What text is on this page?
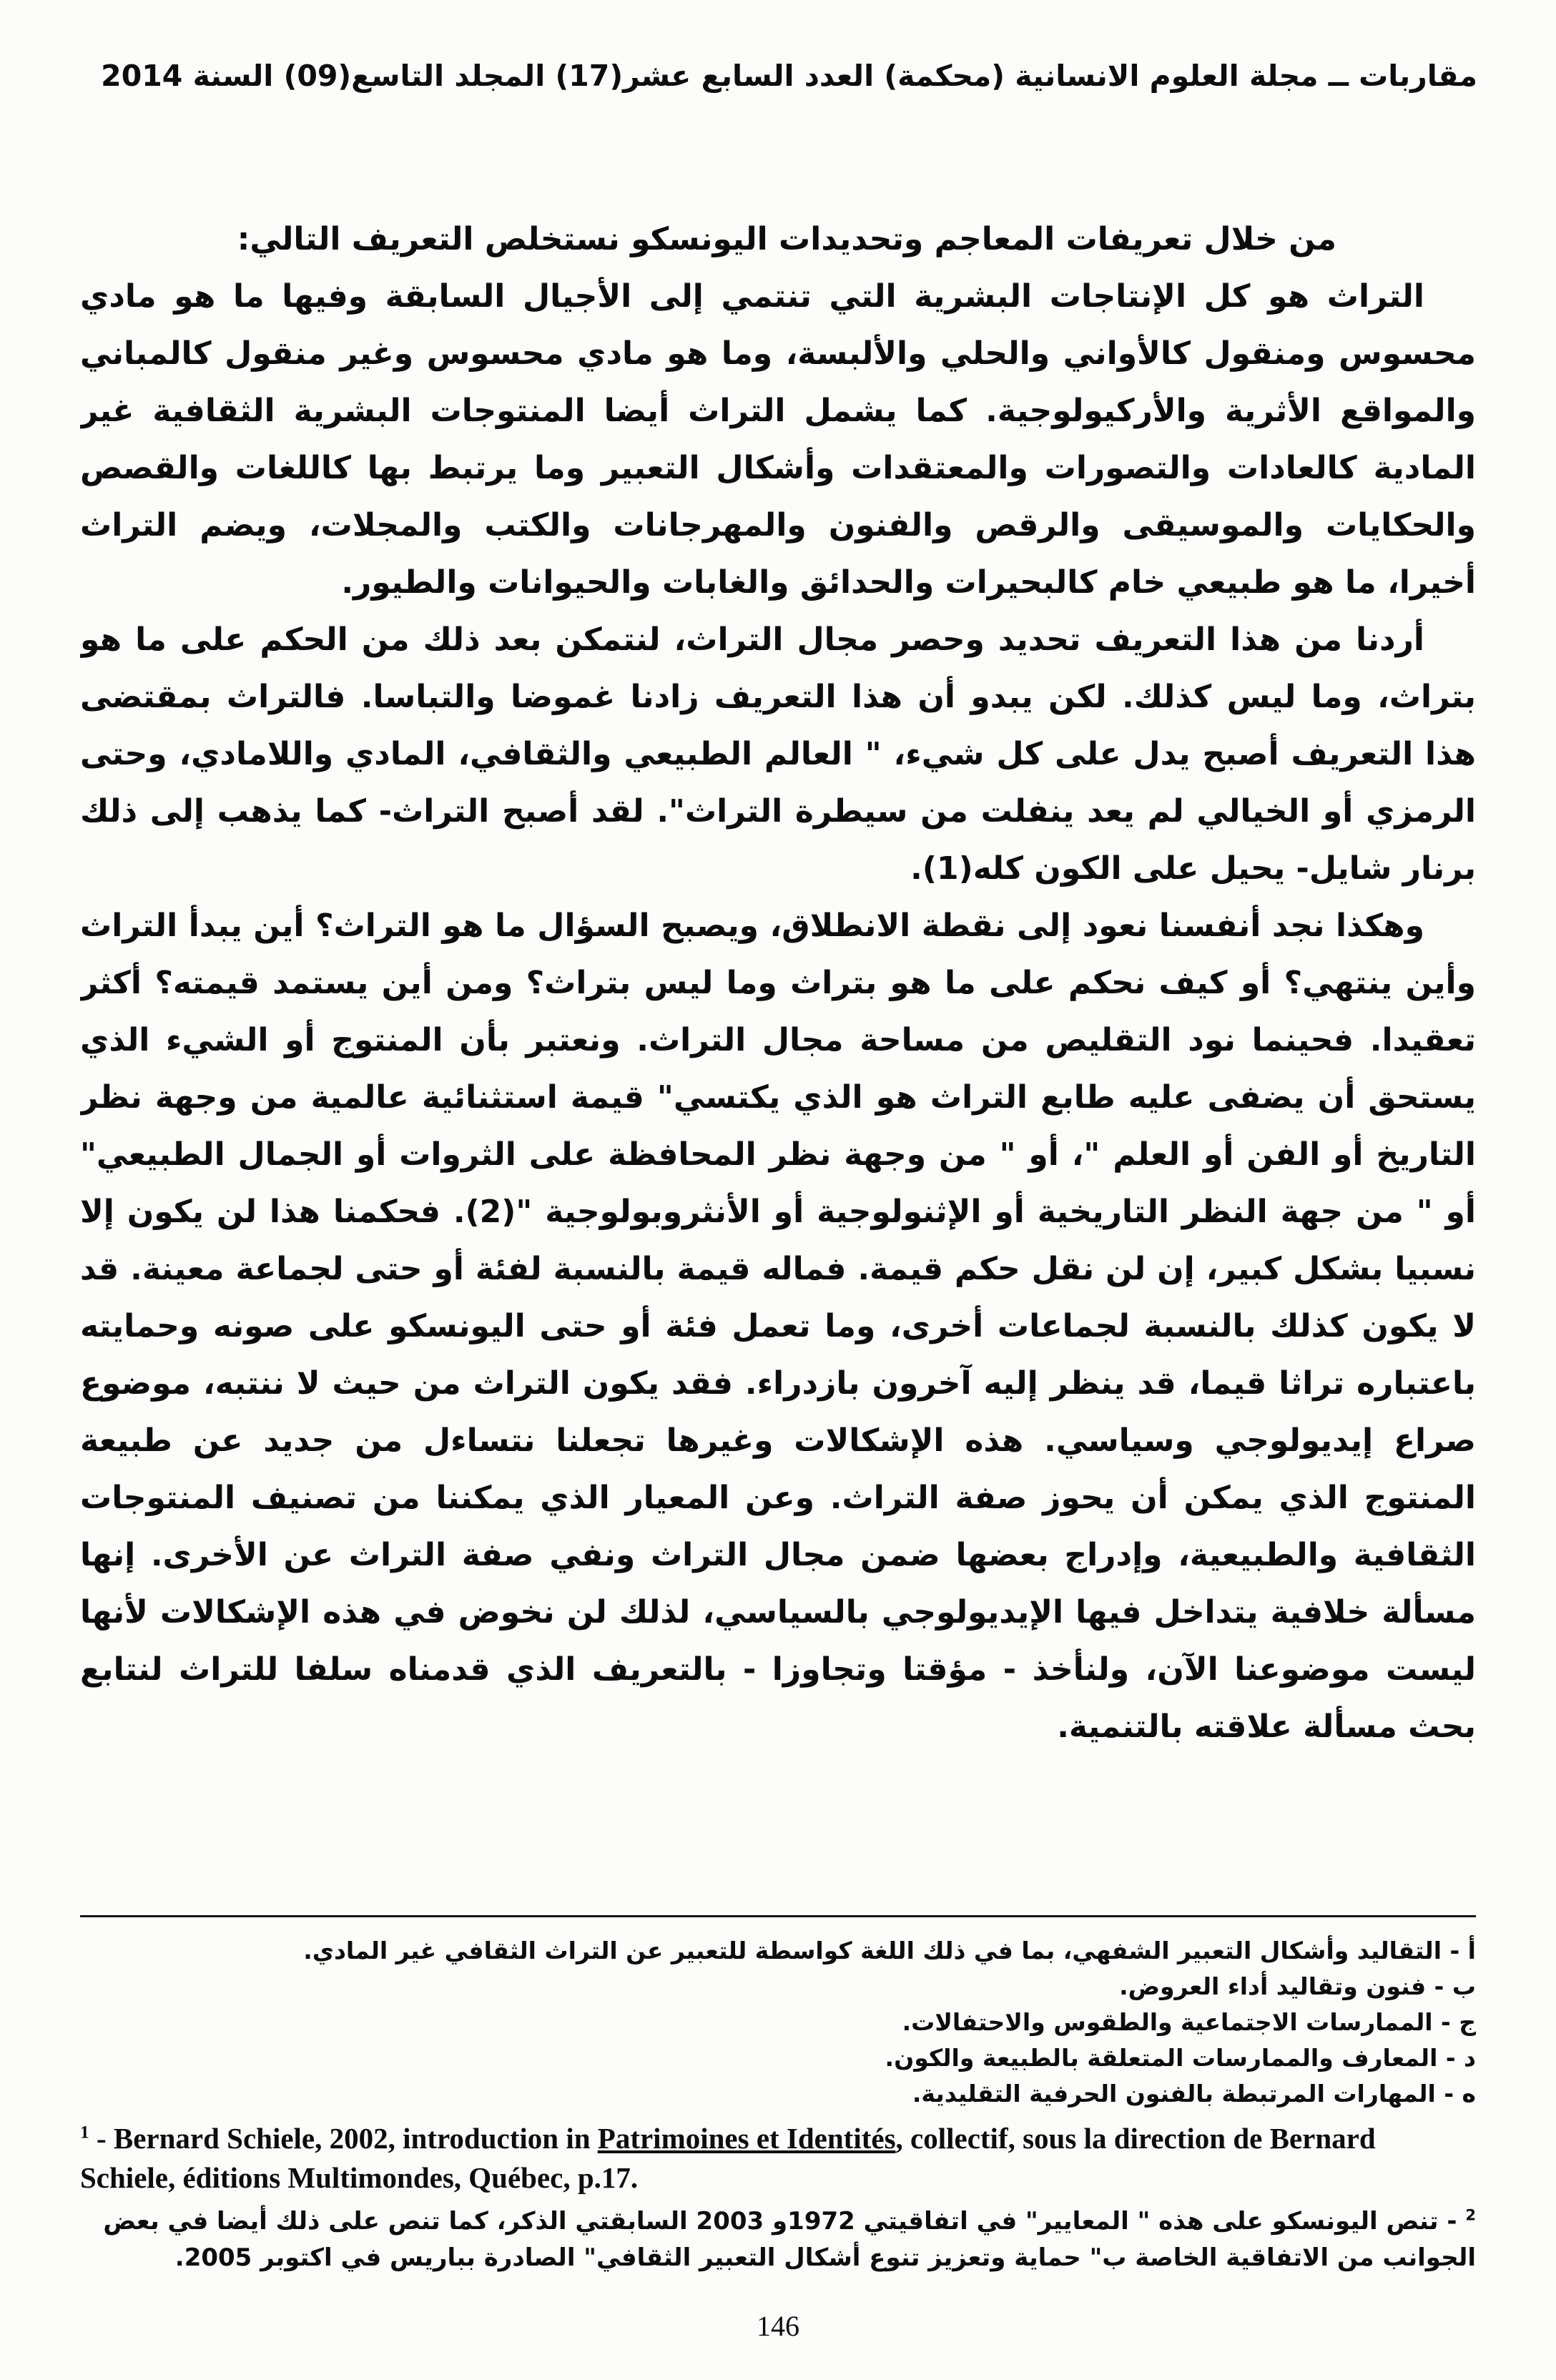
مقاربات ــ مجلة العلوم الانسانية (محكمة) العدد السابع عشر(17) المجلد التاسع(09) السنة 2014

من خلال تعريفات المعاجم وتحديدات اليونسكو نستخلص التعريف التالي:

التراث هو كل الإنتاجات البشرية التي تنتمي إلى الأجيال السابقة وفيها ما هو مادي محسوس ومنقول كالأواني والحلي والألبسة، وما هو مادي محسوس وغير منقول كالمباني والمواقع الأثرية والأركيولوجية. كما يشمل التراث أيضا المنتوجات البشرية الثقافية غير المادية كالعادات والتصورات والمعتقدات وأشكال التعبير وما يرتبط بها كاللغات والقصص والحكايات والموسيقى والرقص والفنون والمهرجانات والكتب والمجلات، ويضم التراث أخيرا، ما هو طبيعي خام كالبحيرات والحدائق والغابات والحيوانات والطيور.

أردنا من هذا التعريف تحديد وحصر مجال التراث، لنتمكن بعد ذلك من الحكم على ما هو بتراث، وما ليس كذلك. لكن يبدو أن هذا التعريف زادنا غموضا والتباسا. فالتراث بمقتضى هذا التعريف أصبح يدل على كل شيء، " العالم الطبيعي والثقافي، المادي واللامادي، وحتى الرمزي أو الخيالي لم يعد ينفلت من سيطرة التراث". لقد أصبح التراث- كما يذهب إلى ذلك برنار شايل- يحيل على الكون كله(1).

وهكذا نجد أنفسنا نعود إلى نقطة الانطلاق، ويصبح السؤال ما هو التراث؟ أين يبدأ التراث وأين ينتهي؟ أو كيف نحكم على ما هو بتراث وما ليس بتراث؟ ومن أين يستمد قيمته؟ أكثر تعقيدا. فحينما نود التقليص من مساحة مجال التراث. ونعتبر بأن المنتوج أو الشيء الذي يستحق أن يضفى عليه طابع التراث هو الذي يكتسي" قيمة استثنائية عالمية من وجهة نظر التاريخ أو الفن أو العلم "، أو " من وجهة نظر المحافظة على الثروات أو الجمال الطبيعي" أو " من جهة النظر التاريخية أو الإثنولوجية أو الأنثروبولوجية "(2). فحكمنا هذا لن يكون إلا نسبيا بشكل كبير، إن لن نقل حكم قيمة. فماله قيمة بالنسبة لفئة أو حتى لجماعة معينة. قد لا يكون كذلك بالنسبة لجماعات أخرى، وما تعمل فئة أو حتى اليونسكو على صونه وحمايته باعتباره تراثا قيما، قد ينظر إليه آخرون بازدراء. فقد يكون التراث من حيث لا ننتبه، موضوع صراع إيديولوجي وسياسي. هذه الإشكالات وغيرها تجعلنا نتساءل من جديد عن طبيعة المنتوج الذي يمكن أن يحوز صفة التراث. وعن المعيار الذي يمكننا من تصنيف المنتوجات الثقافية والطبيعية، وإدراج بعضها ضمن مجال التراث ونفي صفة التراث عن الأخرى. إنها مسألة خلافية يتداخل فيها الإيديولوجي بالسياسي، لذلك لن نخوض في هذه الإشكالات لأنها ليست موضوعنا الآن، ولنأخذ - مؤقتا وتجاوزا - بالتعريف الذي قدمناه سلفا للتراث لنتابع بحث مسألة علاقته بالتنمية.

أ - التقاليد وأشكال التعبير الشفهي، بما في ذلك اللغة كواسطة للتعبير عن التراث الثقافي غير المادي.
ب - فنون وتقاليد أداء العروض.
ج - الممارسات الاجتماعية والطقوس والاحتفالات.
د - المعارف والممارسات المتعلقة بالطبيعة والكون.
ه - المهارات المرتبطة بالفنون الحرفية التقليدية.
$^1$ - Bernard Schiele, 2002, introduction in Patrimoines et Identités, collectif, sous la direction de Bernard Schiele, éditions Multimondes, Québec, p.17.
$^2$ - تنص اليونسكو على هذه " المعايير" في اتفاقيتي 1972و 2003 السابقتي الذكر، كما تنص على ذلك أيضا في بعض الجوانب من الاتفاقية الخاصة ب" حماية وتعزيز تنوع أشكال التعبير الثقافي" الصادرة بباريس في اكتوبر 2005.
146
